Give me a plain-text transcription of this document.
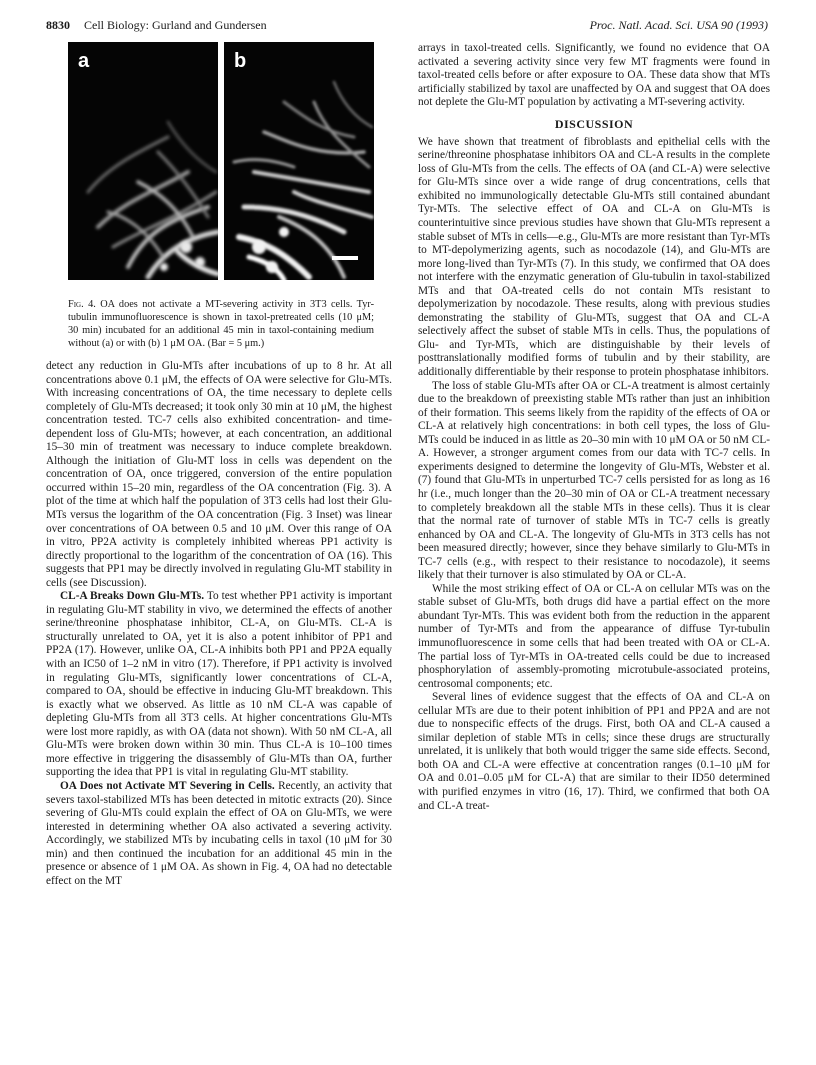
8830 Cell Biology: Gurland and Gundersen	Proc. Natl. Acad. Sci. USA 90 (1993)
a	b
Fig. 4. OA does not activate a MT-severing activity in 3T3 cells. Tyr-tubulin immunofluorescence is shown in taxol-pretreated cells (10 μM; 30 min) incubated for an additional 45 min in taxol-containing medium without (a) or with (b) 1 μM OA. (Bar = 5 μm.)

detect any reduction in Glu-MTs after incubations of up to 8 hr. At all concentrations above 0.1 μM, the effects of OA were selective for Glu-MTs. With increasing concentrations of OA, the time necessary to deplete cells completely of Glu-MTs decreased; it took only 30 min at 10 μM, the highest concentration tested. TC-7 cells also exhibited concentration- and time-dependent loss of Glu-MTs; however, at each concentration, an additional 15–30 min of treatment was necessary to induce complete breakdown. Although the initiation of Glu-MT loss in cells was dependent on the concentration of OA, once triggered, conversion of the entire population occurred within 15–20 min, regardless of the OA concentration (Fig. 3). A plot of the time at which half the population of 3T3 cells had lost their Glu-MTs versus the logarithm of the OA concentration (Fig. 3 Inset) was linear over concentrations of OA between 0.5 and 10 μM. Over this range of OA in vitro, PP2A activity is completely inhibited whereas PP1 activity is directly proportional to the logarithm of the concentration of OA (16). This suggests that PP1 may be directly involved in regulating Glu-MT stability in cells (see Discussion).

CL-A Breaks Down Glu-MTs. To test whether PP1 activity is important in regulating Glu-MT stability in vivo, we determined the effects of another serine/threonine phosphatase inhibitor, CL-A, on Glu-MTs. CL-A is structurally unrelated to OA, yet it is also a potent inhibitor of PP1 and PP2A (17). However, unlike OA, CL-A inhibits both PP1 and PP2A equally with an IC50 of 1–2 nM in vitro (17). Therefore, if PP1 activity is involved in regulating Glu-MTs, significantly lower concentrations of CL-A, compared to OA, should be effective in inducing Glu-MT breakdown. This is exactly what we observed. As little as 10 nM CL-A was capable of depleting Glu-MTs from all 3T3 cells. At higher concentrations Glu-MTs were lost more rapidly, as with OA (data not shown). With 50 nM CL-A, all Glu-MTs were broken down within 30 min. Thus CL-A is 10–100 times more effective in triggering the disassembly of Glu-MTs than OA, further supporting the idea that PP1 is vital in regulating Glu-MT stability.

OA Does not Activate MT Severing in Cells. Recently, an activity that severs taxol-stabilized MTs has been detected in mitotic extracts (20). Since severing of Glu-MTs could explain the effect of OA on Glu-MTs, we were interested in determining whether OA also activated a severing activity. Accordingly, we stabilized MTs by incubating cells in taxol (10 μM for 30 min) and then continued the incubation for an additional 45 min in the presence or absence of 1 μM OA. As shown in Fig. 4, OA had no detectable effect on the MT

arrays in taxol-treated cells. Significantly, we found no evidence that OA activated a severing activity since very few MT fragments were found in taxol-treated cells before or after exposure to OA. These data show that MTs artificially stabilized by taxol are unaffected by OA and suggest that OA does not deplete the Glu-MT population by activating a MT-severing activity.

DISCUSSION

We have shown that treatment of fibroblasts and epithelial cells with the serine/threonine phosphatase inhibitors OA and CL-A results in the complete loss of Glu-MTs from the cells. The effects of OA (and CL-A) were selective for Glu-MTs since over a wide range of drug concentrations, cells that exhibited no immunologically detectable Glu-MTs still contained abundant Tyr-MTs. The selective effect of OA and CL-A on Glu-MTs is counterintuitive since previous studies have shown that Glu-MTs represent a stable subset of MTs in cells—e.g., Glu-MTs are more resistant than Tyr-MTs to MT-depolymerizing agents, such as nocodazole (14), and Glu-MTs are more long-lived than Tyr-MTs (7). In this study, we confirmed that OA does not interfere with the enzymatic generation of Glu-tubulin in taxol-stabilized MTs and that OA-treated cells do not contain MTs resistant to depolymerization by nocodazole. These results, along with previous studies demonstrating the stability of Glu-MTs, suggest that OA and CL-A selectively affect the subset of stable MTs in cells. Thus, the populations of Glu- and Tyr-MTs, which are distinguishable by their levels of posttranslationally modified forms of tubulin and by their stability, are additionally differentiable by their response to protein phosphatase inhibitors.

The loss of stable Glu-MTs after OA or CL-A treatment is almost certainly due to the breakdown of preexisting stable MTs rather than just an inhibition of their formation. This seems likely from the rapidity of the effects of OA or CL-A at relatively high concentrations: in both cell types, the loss of Glu-MTs could be induced in as little as 20–30 min with 10 μM OA or 50 nM CL-A. However, a stronger argument comes from our data with TC-7 cells. In experiments designed to determine the longevity of Glu-MTs, Webster et al. (7) found that Glu-MTs in unperturbed TC-7 cells persisted for as long as 16 hr (i.e., much longer than the 20–30 min of OA or CL-A treatment necessary to completely breakdown all the stable MTs in these cells). Thus it is clear that the normal rate of turnover of stable MTs in TC-7 cells is greatly enhanced by OA and CL-A. The longevity of Glu-MTs in 3T3 cells has not been measured directly; however, since they behave similarly to Glu-MTs in TC-7 cells (e.g., with respect to their resistance to nocodazole), it seems likely that their turnover is also stimulated by OA or CL-A.

While the most striking effect of OA or CL-A on cellular MTs was on the stable subset of Glu-MTs, both drugs did have a partial effect on the more abundant Tyr-MTs. This was evident both from the reduction in the apparent number of Tyr-MTs and from the appearance of diffuse Tyr-tubulin immunofluorescence in some cells that had been treated with OA or CL-A. The partial loss of Tyr-MTs in OA-treated cells could be due to increased phosphorylation of assembly-promoting microtubule-associated proteins, centrosomal components; etc.

Several lines of evidence suggest that the effects of OA and CL-A on cellular MTs are due to their potent inhibition of PP1 and PP2A and are not due to nonspecific effects of the drugs. First, both OA and CL-A caused a similar depletion of stable MTs in cells; since these drugs are structurally unrelated, it is unlikely that both would trigger the same side effects. Second, both OA and CL-A were effective at concentration ranges (0.1–10 μM for OA and 0.01–0.05 μM for CL-A) that are similar to their ID50 determined with purified enzymes in vitro (16, 17). Third, we confirmed that both OA and CL-A treat-
